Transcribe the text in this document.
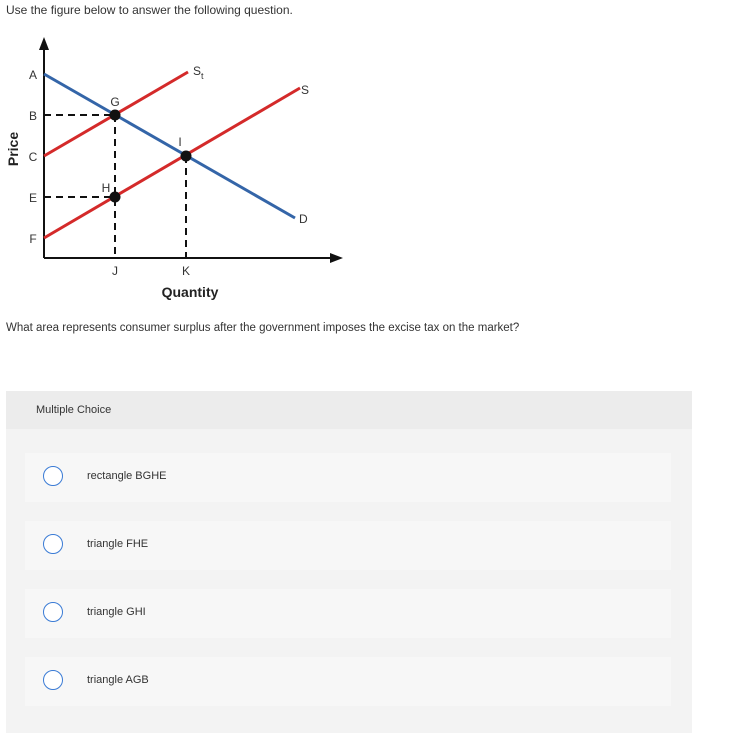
Use the figure below to answer the following question.
A
B
C
E
F
J	K
G
H
I
$S_t$
S
D
Quantity
Price
What area represents consumer surplus after the government imposes the excise tax on the market?
Multiple Choice
rectangle BGHE
triangle FHE
triangle GHI
triangle AGB
